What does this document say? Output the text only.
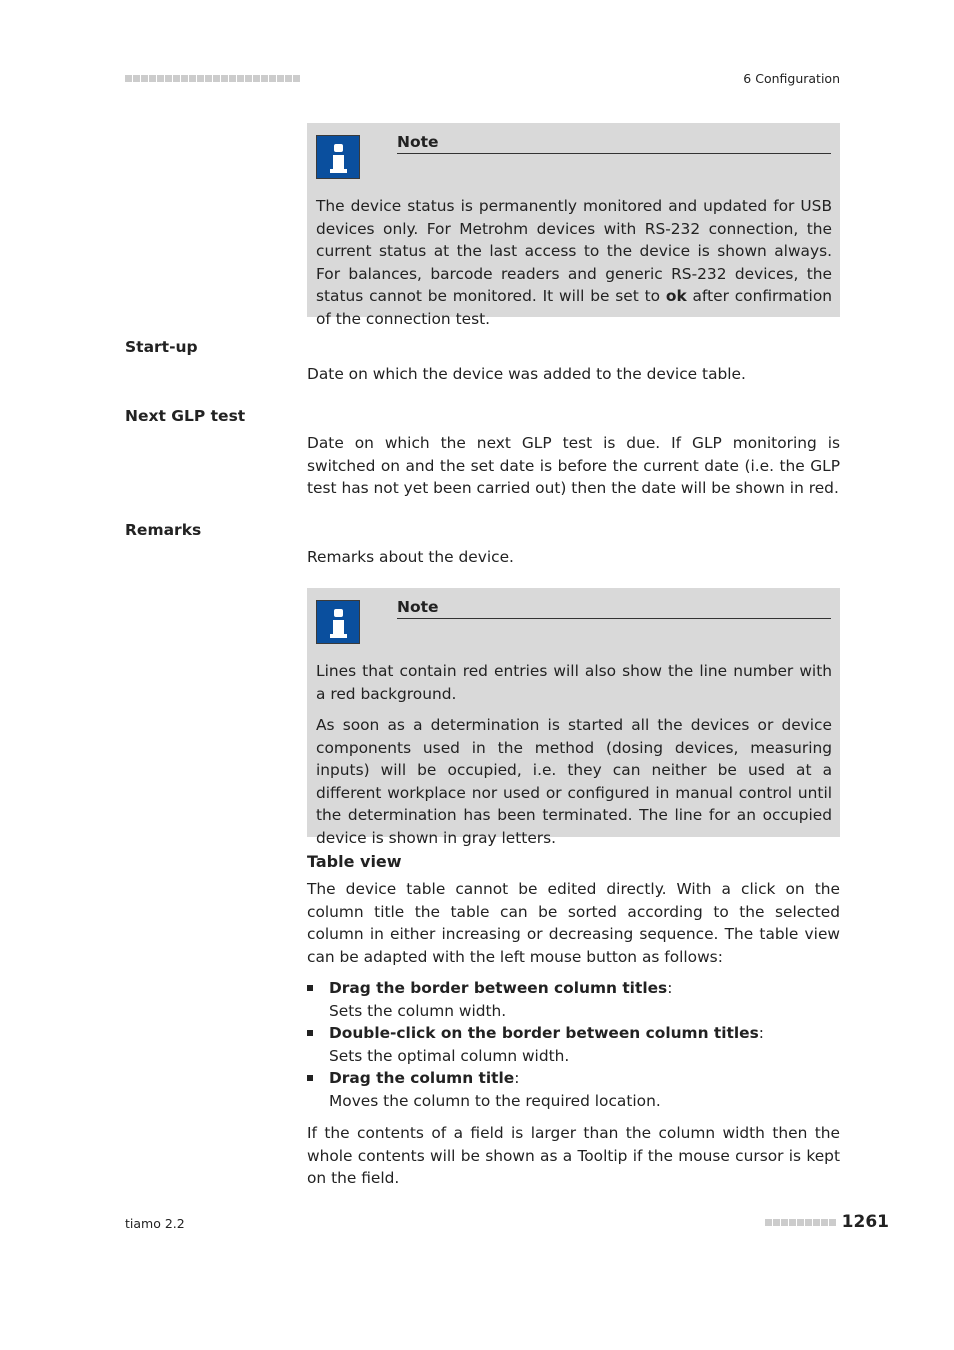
6 Configuration
Note

The device status is permanently monitored and updated for USB devices only. For Metrohm devices with RS-232 connection, the current status at the last access to the device is shown always. For balances, barcode readers and generic RS-232 devices, the status cannot be monitored. It will be set to ok after confirmation of the connection test.

Start-up

Date on which the device was added to the device table.

Next GLP test

Date on which the next GLP test is due. If GLP monitoring is switched on and the set date is before the current date (i.e. the GLP test has not yet been carried out) then the date will be shown in red.

Remarks

Remarks about the device.

Note

Lines that contain red entries will also show the line number with a red background.

As soon as a determination is started all the devices or device components used in the method (dosing devices, measuring inputs) will be occupied, i.e. they can neither be used at a different workplace nor used or configured in manual control until the determination has been terminated. The line for an occupied device is shown in gray letters.

Table view

The device table cannot be edited directly. With a click on the column title the table can be sorted according to the selected column in either increasing or decreasing sequence. The table view can be adapted with the left mouse button as follows:

Drag the border between column titles:
Sets the column width.
Double-click on the border between column titles:
Sets the optimal column width.
Drag the column title:
Moves the column to the required location.

If the contents of a field is larger than the column width then the whole contents will be shown as a Tooltip if the mouse cursor is kept on the field.

tiamo 2.2	1261
